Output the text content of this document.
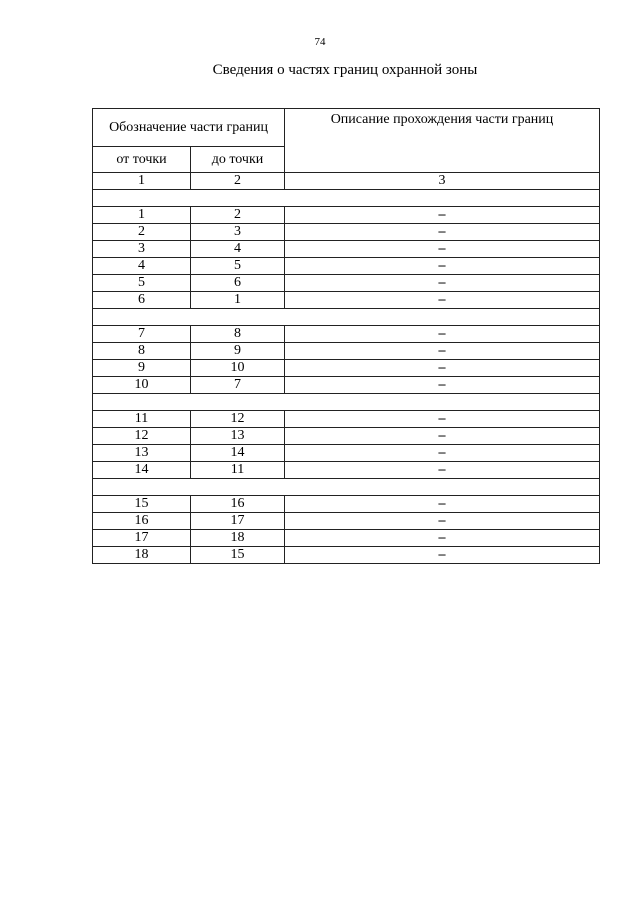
74
Сведения о частях границ охранной зоны
Обозначение части границ		Описание прохождения части границ
от точки	до точки	
1	2	3

1	2	–
2	3	–
3	4	–
4	5	–
5	6	–
6	1	–

7	8	–
8	9	–
9	10	–
10	7	–

11	12	–
12	13	–
13	14	–
14	11	–

15	16	–
16	17	–
17	18	–
18	15	–
